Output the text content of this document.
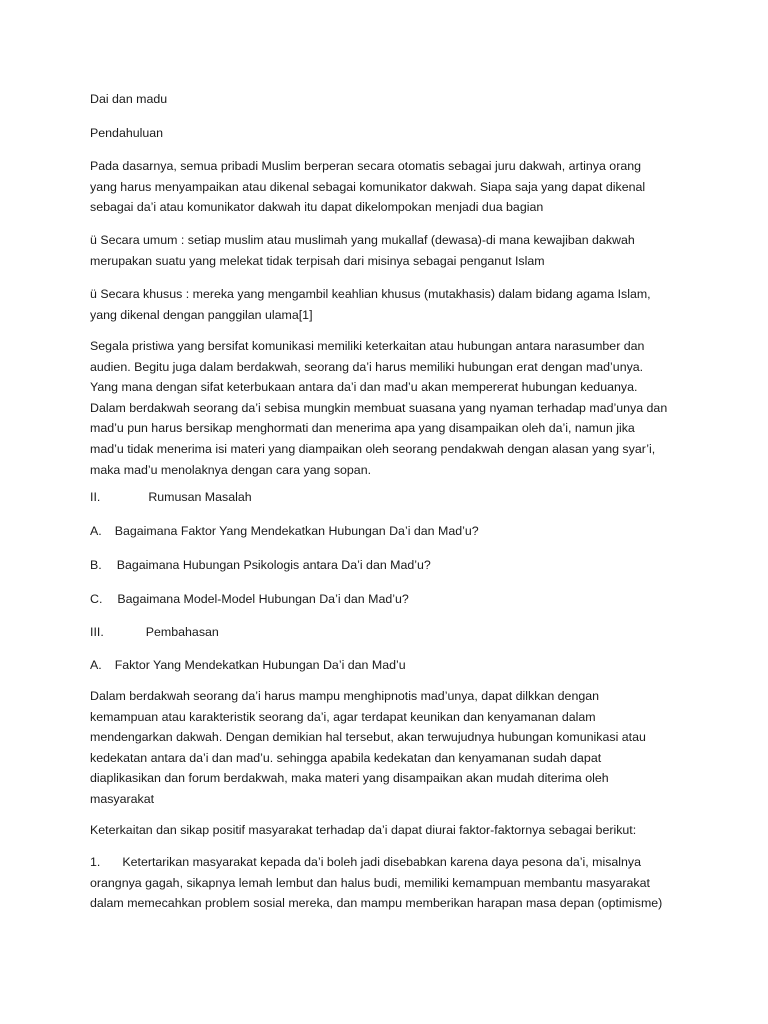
Dai dan madu

Pendahuluan

Pada dasarnya, semua pribadi Muslim berperan secara otomatis sebagai juru dakwah, artinya orang
yang harus menyampaikan atau dikenal sebagai komunikator dakwah. Siapa saja yang dapat dikenal
sebagai da’i atau komunikator dakwah itu dapat dikelompokan menjadi dua bagian

ü Secara umum : setiap muslim atau muslimah yang mukallaf (dewasa)-di mana kewajiban dakwah
merupakan suatu yang melekat tidak terpisah dari misinya sebagai penganut Islam

ü Secara khusus : mereka yang mengambil keahlian khusus (mutakhasis) dalam bidang agama Islam,
yang dikenal dengan panggilan ulama[1]

Segala pristiwa yang bersifat komunikasi memiliki keterkaitan atau hubungan antara narasumber dan
audien. Begitu juga dalam berdakwah, seorang da’i harus memiliki hubungan erat dengan mad’unya.
Yang mana dengan sifat keterbukaan antara da’i dan mad’u akan mempererat hubungan keduanya.
Dalam berdakwah seorang da’i sebisa mungkin membuat suasana yang nyaman terhadap mad’unya dan
mad’u pun harus bersikap menghormati dan menerima apa yang disampaikan oleh da’i, namun jika
mad’u tidak menerima isi materi yang diampaikan oleh seorang pendakwah dengan alasan yang syar’i,
maka mad’u menolaknya dengan cara yang sopan.

II.	Rumusan Masalah

A. Bagaimana Faktor Yang Mendekatkan Hubungan Da’i dan Mad’u?

B. Bagaimana Hubungan Psikologis antara Da’i dan Mad’u?

C. Bagaimana Model-Model Hubungan Da’i dan Mad’u?

III.	Pembahasan

A. Faktor Yang Mendekatkan Hubungan Da’i dan Mad’u

Dalam berdakwah seorang da’i harus mampu menghipnotis mad’unya, dapat dilkkan dengan
kemampuan atau karakteristik seorang da’i, agar terdapat keunikan dan kenyamanan dalam
mendengarkan dakwah. Dengan demikian hal tersebut, akan terwujudnya hubungan komunikasi atau
kedekatan antara da’i dan mad’u. sehingga apabila kedekatan dan kenyamanan sudah dapat
diaplikasikan dan forum berdakwah, maka materi yang disampaikan akan mudah diterima oleh
masyarakat

Keterkaitan dan sikap positif masyarakat terhadap da’i dapat diurai faktor-faktornya sebagai berikut:

1. Ketertarikan masyarakat kepada da’i boleh jadi disebabkan karena daya pesona da’i, misalnya
orangnya gagah, sikapnya lemah lembut dan halus budi, memiliki kemampuan membantu masyarakat
dalam memecahkan problem sosial mereka, dan mampu memberikan harapan masa depan (optimisme)
